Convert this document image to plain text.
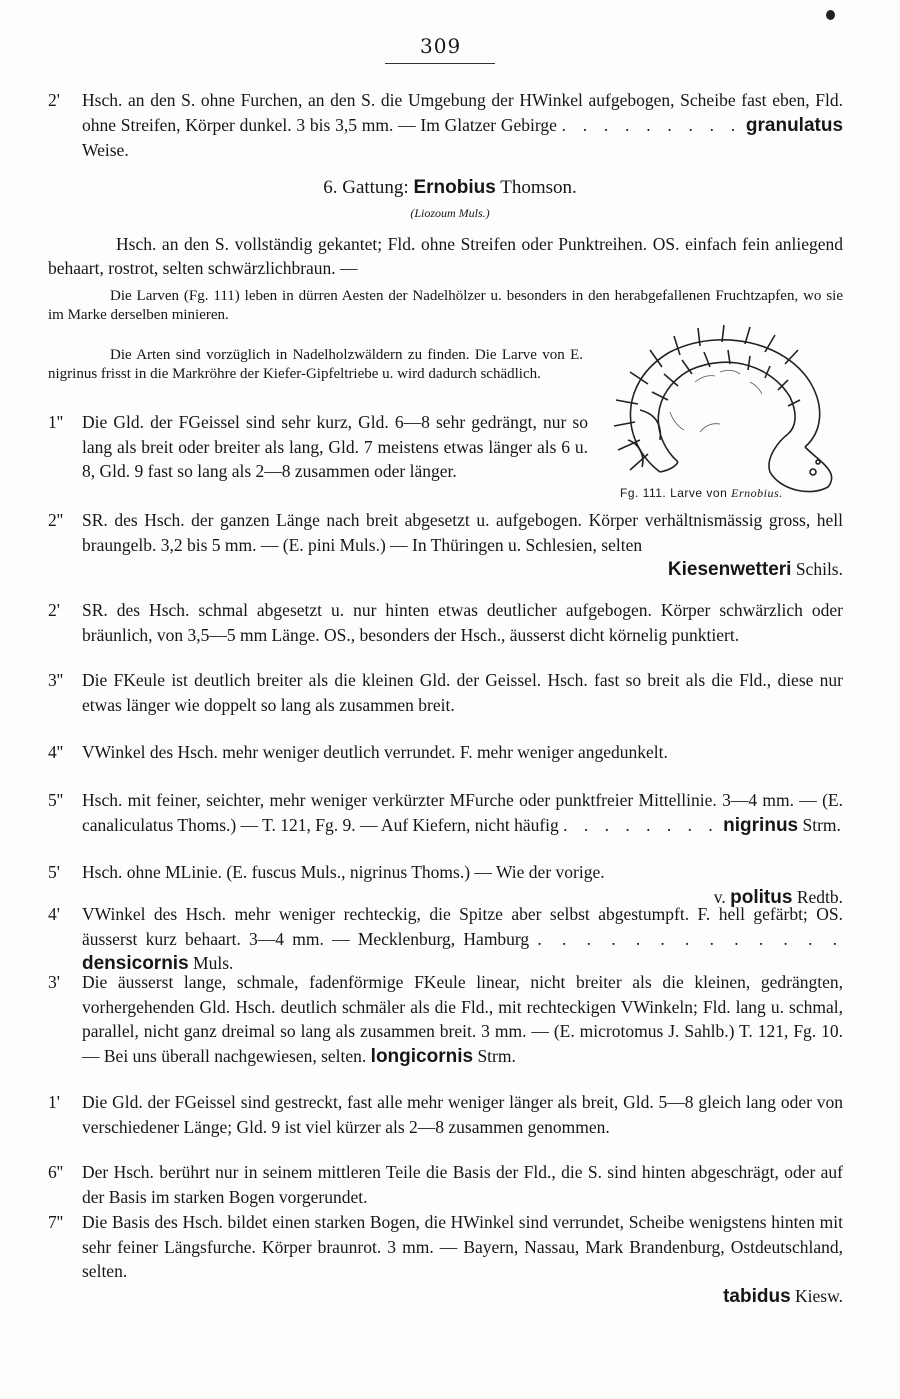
309
2' Hsch. an den S. ohne Furchen, an den S. die Umgebung der HWinkel aufgebogen, Scheibe fast eben, Fld. ohne Streifen, Körper dunkel. 3 bis 3,5 mm. — Im Glatzer Gebirge . . . . . . . . . granulatus Weise.
6. Gattung: Ernobius Thomson.
(Liozoum Muls.)
Hsch. an den S. vollständig gekantet; Fld. ohne Streifen oder Punktreihen. OS. einfach fein anliegend behaart, rostrot, selten schwärzlichbraun. —
Die Larven (Fg. 111) leben in dürren Aesten der Nadelhölzer u. besonders in den herabgefallenen Fruchtzapfen, wo sie im Marke derselben minieren.
Die Arten sind vorzüglich in Nadelholzwäldern zu finden. Die Larve von E. nigrinus frisst in die Markröhre der Kiefer-Gipfeltriebe u. wird dadurch schädlich.
Fg. 111. Larve von Ernobius.
1'' Die Gld. der FGeissel sind sehr kurz, Gld. 6—8 sehr gedrängt, nur so lang als breit oder breiter als lang, Gld. 7 meistens etwas länger als 6 u. 8, Gld. 9 fast so lang als 2—8 zusammen oder länger.
2'' SR. des Hsch. der ganzen Länge nach breit abgesetzt u. aufgebogen. Körper verhältnismässig gross, hell braungelb. 3,2 bis 5 mm. — (E. pini Muls.) — In Thüringen u. Schlesien, selten
Kiesenwetteri Schils.
2' SR. des Hsch. schmal abgesetzt u. nur hinten etwas deutlicher aufgebogen. Körper schwärzlich oder bräunlich, von 3,5—5 mm Länge. OS., besonders der Hsch., äusserst dicht körnelig punktiert.
3'' Die FKeule ist deutlich breiter als die kleinen Gld. der Geissel. Hsch. fast so breit als die Fld., diese nur etwas länger wie doppelt so lang als zusammen breit.
4'' VWinkel des Hsch. mehr weniger deutlich verrundet. F. mehr weniger angedunkelt.
5'' Hsch. mit feiner, seichter, mehr weniger verkürzter MFurche oder punktfreier Mittellinie. 3—4 mm. — (E. canaliculatus Thoms.) — T. 121, Fg. 9. — Auf Kiefern, nicht häufig . . . . . . . . nigrinus Strm.
5' Hsch. ohne MLinie. (E. fuscus Muls., nigrinus Thoms.) — Wie der vorige.
v. politus Redtb.
4' VWinkel des Hsch. mehr weniger rechteckig, die Spitze aber selbst abgestumpft. F. hell gefärbt; OS. äusserst kurz behaart. 3—4 mm. — Mecklenburg, Hamburg . . . . . . . . . . . . . densicornis Muls.
3' Die äusserst lange, schmale, fadenförmige FKeule linear, nicht breiter als die kleinen, gedrängten, vorhergehenden Gld. Hsch. deutlich schmäler als die Fld., mit rechteckigen VWinkeln; Fld. lang u. schmal, parallel, nicht ganz dreimal so lang als zusammen breit. 3 mm. — (E. microtomus J. Sahlb.) T. 121, Fg. 10. — Bei uns überall nachgewiesen, selten. longicornis Strm.
1' Die Gld. der FGeissel sind gestreckt, fast alle mehr weniger länger als breit, Gld. 5—8 gleich lang oder von verschiedener Länge; Gld. 9 ist viel kürzer als 2—8 zusammen genommen.
6'' Der Hsch. berührt nur in seinem mittleren Teile die Basis der Fld., die S. sind hinten abgeschrägt, oder auf der Basis im starken Bogen vorgerundet.
7'' Die Basis des Hsch. bildet einen starken Bogen, die HWinkel sind verrundet, Scheibe wenigstens hinten mit sehr feiner Längsfurche. Körper braunrot. 3 mm. — Bayern, Nassau, Mark Brandenburg, Ostdeutschland, selten.
tabidus Kiesw.
